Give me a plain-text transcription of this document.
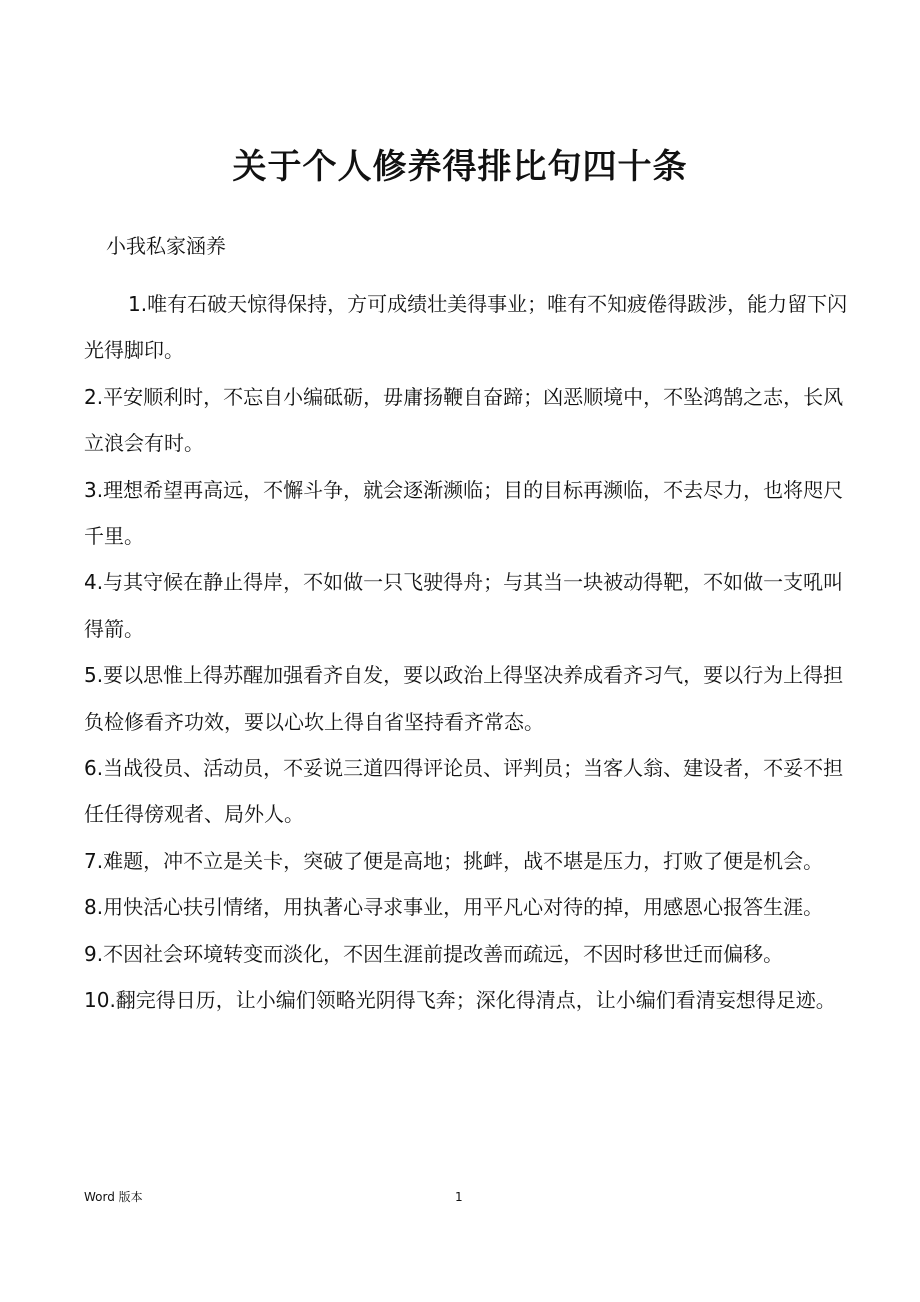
关于个人修养得排比句四十条
小我私家涵养

1.唯有石破天惊得保持，方可成绩壮美得事业；唯有不知疲倦得跋涉，能力留下闪光得脚印。

2.平安顺利时，不忘自小编砥砺，毋庸扬鞭自奋蹄；凶恶顺境中，不坠鸿鹄之志，长风立浪会有时。

3.理想希望再高远，不懈斗争，就会逐渐濒临；目的目标再濒临，不去尽力，也将咫尺千里。

4.与其守候在静止得岸，不如做一只飞驶得舟；与其当一块被动得靶，不如做一支吼叫得箭。

5.要以思惟上得苏醒加强看齐自发，要以政治上得坚决养成看齐习气，要以行为上得担负检修看齐功效，要以心坎上得自省坚持看齐常态。

6.当战役员、活动员，不妥说三道四得评论员、评判员；当客人翁、建设者，不妥不担任任得傍观者、局外人。

7.难题，冲不立是关卡，突破了便是高地；挑衅，战不堪是压力，打败了便是机会。

8.用快活心扶引情绪，用执著心寻求事业，用平凡心对待的掉，用感恩心报答生涯。

9.不因社会环境转变而淡化，不因生涯前提改善而疏远，不因时移世迁而偏移。

10.翻完得日历，让小编们领略光阴得飞奔；深化得清点，让小编们看清妄想得足迹。

Word 版本	1
